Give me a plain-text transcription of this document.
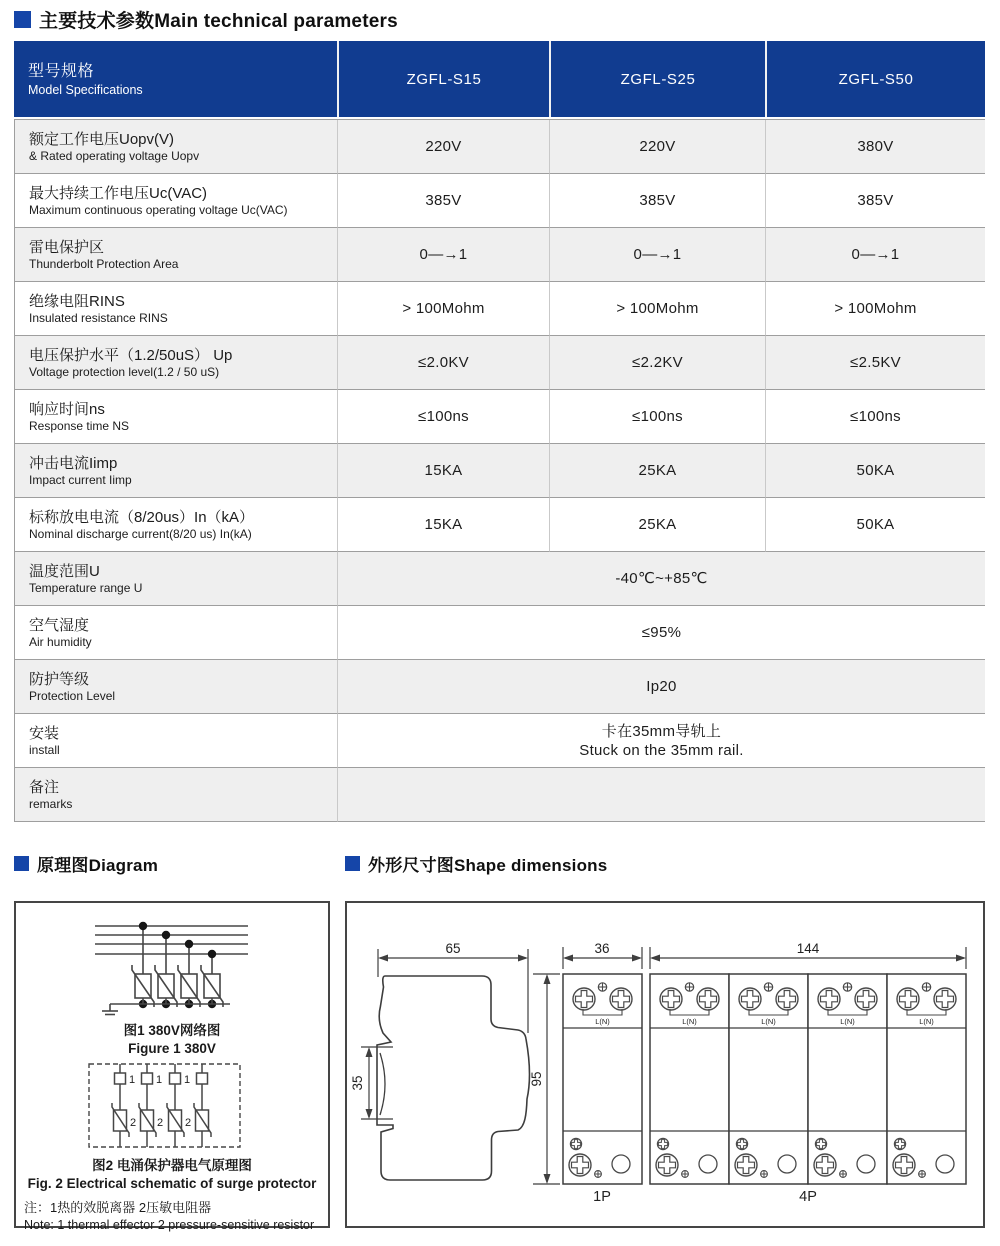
主要技术参数Main technical parameters
型号规格
Model Specifications
ZGFL-S15	ZGFL-S25	ZGFL-S50
额定工作电压Uopv(V)
& Rated operating voltage Uopv
220V	220V	380V
最大持续工作电压Uc(VAC)
Maximum continuous operating voltage Uc(VAC)
385V	385V	385V
雷电保护区
Thunderbolt Protection Area
0—→1	0—→1	0—→1
绝缘电阻RINS
Insulated resistance RINS
> 100Mohm	> 100Mohm	> 100Mohm
电压保护水平（1.2/50uS） Up
Voltage protection level(1.2 / 50 uS)
≤2.0KV	≤2.2KV	≤2.5KV
响应时间ns
Response time NS
≤100ns	≤100ns	≤100ns
冲击电流Iimp
Impact current Iimp
15KA	25KA	50KA
标称放电电流（8/20us）In（kA）
Nominal discharge current(8/20 us) In(kA)
15KA	25KA	50KA
温度范围U
Temperature range U
-40℃~+85℃
空气湿度
Air humidity
≤95%
防护等级
Protection Level
Ip20
安装
install
卡在35mm导轨上
Stuck on the 35mm rail.
备注
remarks
原理图Diagram	外形尺寸图Shape dimensions
图1 380V网络图
Figure 1 380V
1 1 1
2 2 2
图2 电涌保护器电气原理图
Fig. 2 Electrical schematic of surge protector
注：1热的效脱离器 2压敏电阻器
Note: 1 thermal effector 2 pressure-sensitive resistor
L(N)	65
35	95
36
1P
144
4P
